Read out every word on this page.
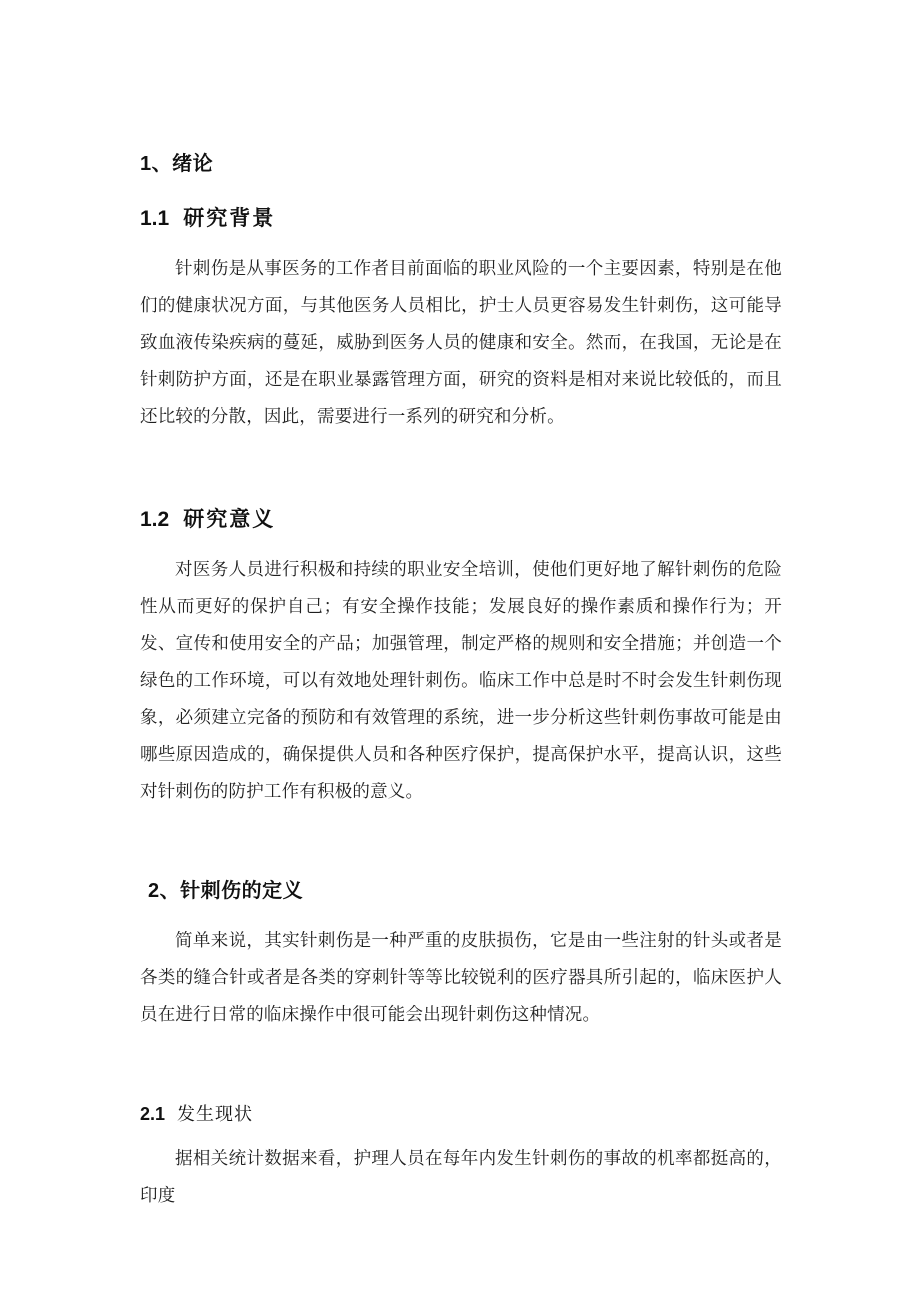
1、绪论
1.1 研究背景

针刺伤是从事医务的工作者目前面临的职业风险的一个主要因素，特别是在他们的健康状况方面，与其他医务人员相比，护士人员更容易发生针刺伤，这可能导致血液传染疾病的蔓延，威胁到医务人员的健康和安全。然而，在我国，无论是在针刺防护方面，还是在职业暴露管理方面，研究的资料是相对来说比较低的，而且还比较的分散，因此，需要进行一系列的研究和分析。

1.2 研究意义

对医务人员进行积极和持续的职业安全培训，使他们更好地了解针刺伤的危险性从而更好的保护自己；有安全操作技能；发展良好的操作素质和操作行为；开发、宣传和使用安全的产品；加强管理，制定严格的规则和安全措施；并创造一个绿色的工作环境，可以有效地处理针刺伤。临床工作中总是时不时会发生针刺伤现象，必须建立完备的预防和有效管理的系统，进一步分析这些针刺伤事故可能是由哪些原因造成的，确保提供人员和各种医疗保护，提高保护水平，提高认识，这些对针刺伤的防护工作有积极的意义。

2、针刺伤的定义

简单来说，其实针刺伤是一种严重的皮肤损伤，它是由一些注射的针头或者是各类的缝合针或者是各类的穿刺针等等比较锐利的医疗器具所引起的，临床医护人员在进行日常的临床操作中很可能会出现针刺伤这种情况。

2.1 发生现状

据相关统计数据来看，护理人员在每年内发生针刺伤的事故的机率都挺高的，印度
